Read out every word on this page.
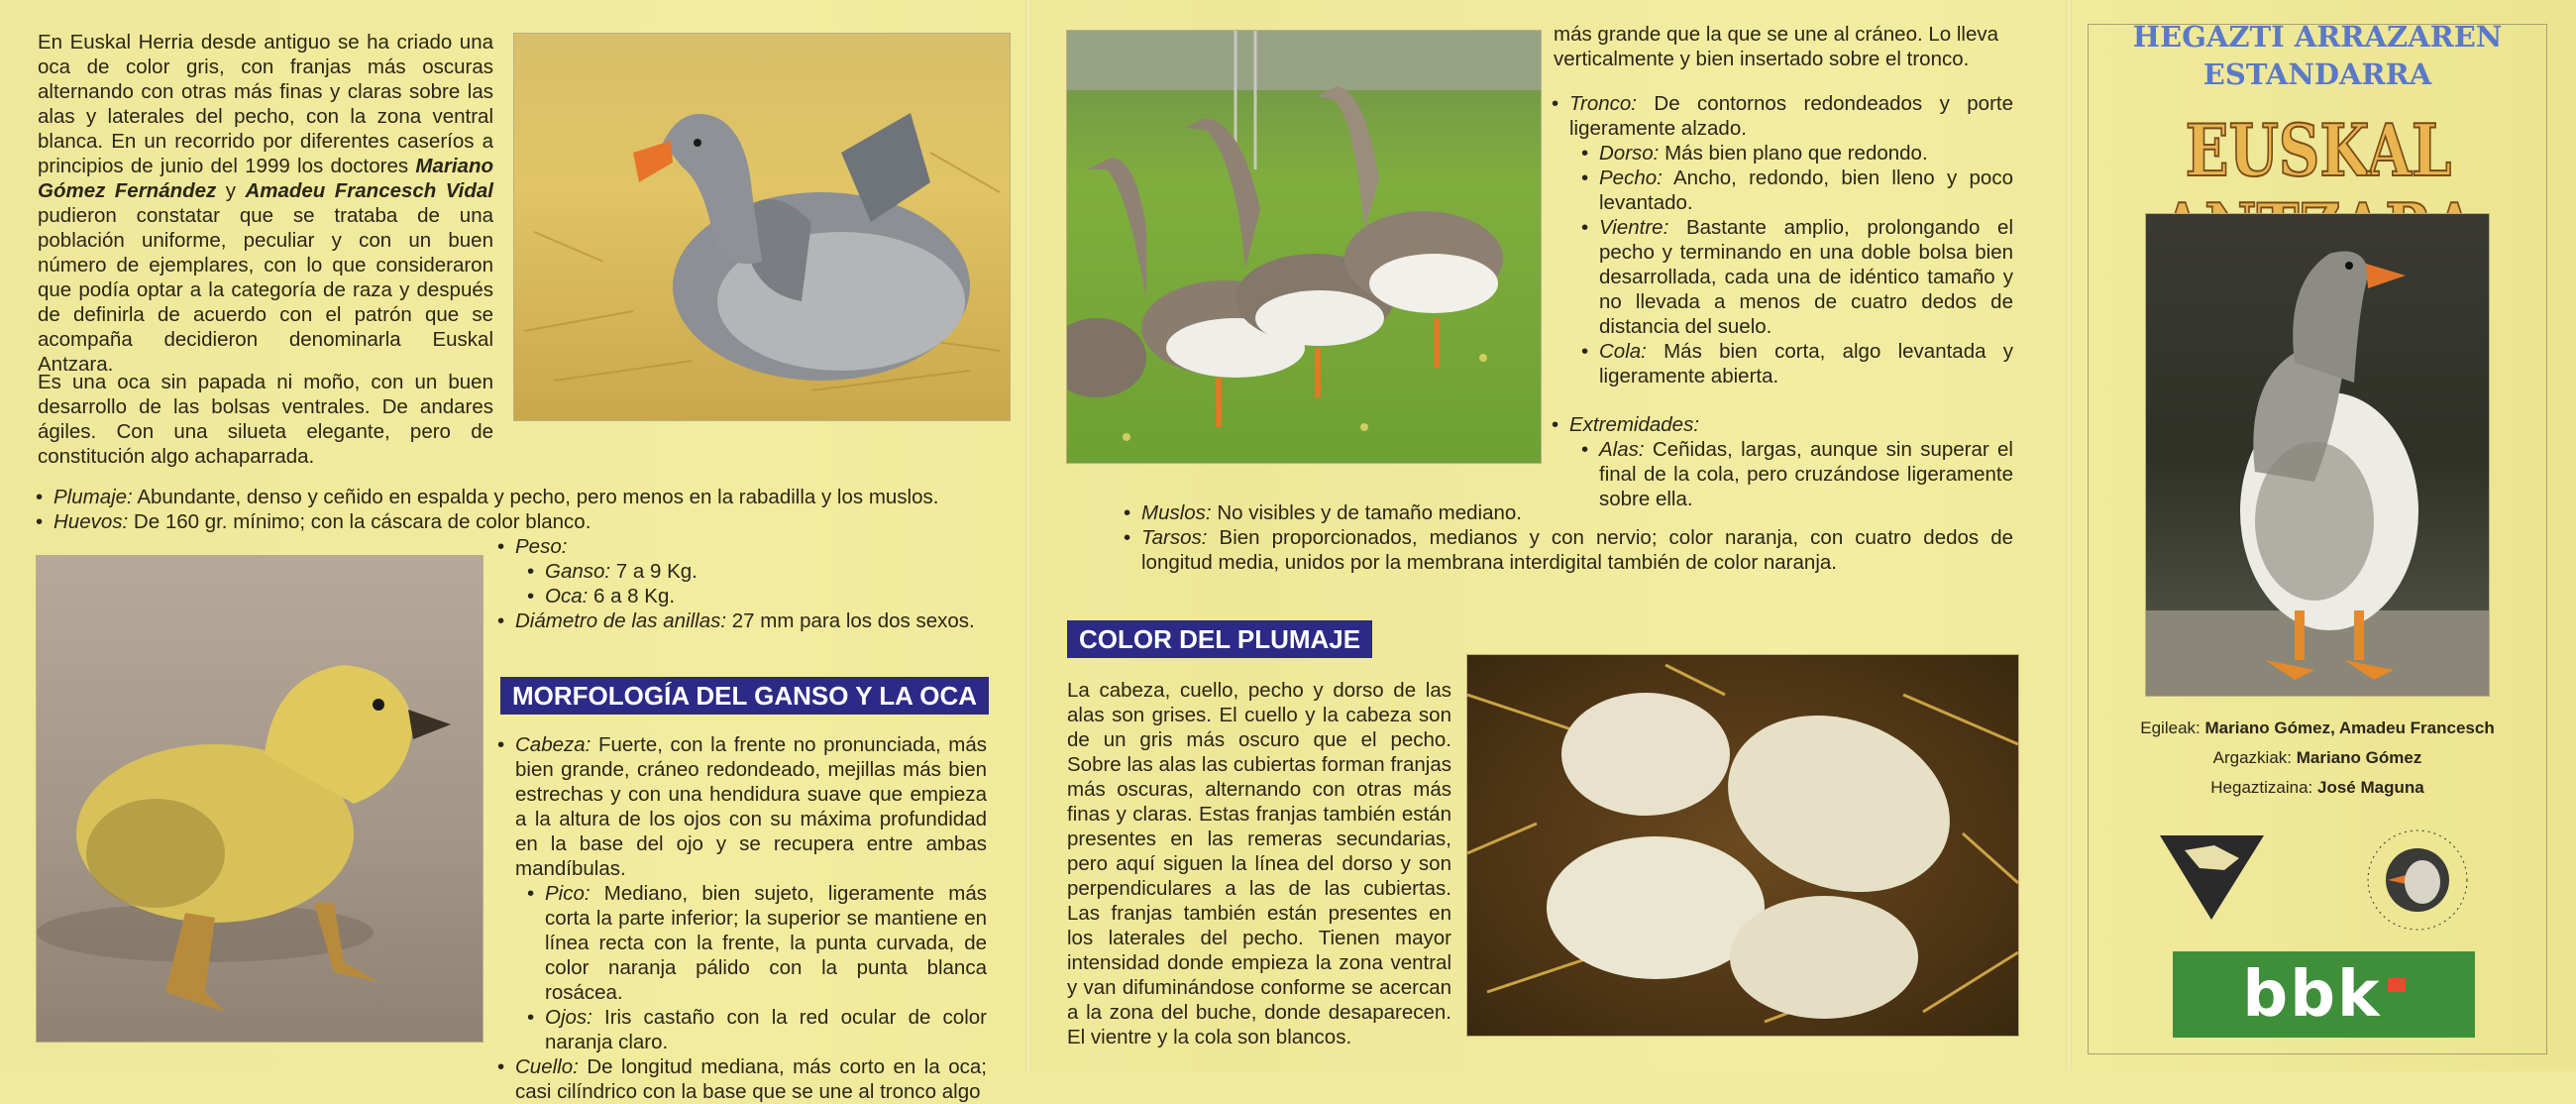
En Euskal Herria desde antiguo se ha criado una oca de color gris, con franjas más oscuras alternando con otras más finas y claras sobre las alas y laterales del pecho, con la zona ventral blanca. En un recorrido por diferentes caseríos a principios de junio del 1999 los doctores Mariano Gómez Fernández y Amadeu Francesch Vidal pudieron constatar que se trataba de una población uniforme, peculiar y con un buen número de ejemplares, con lo que consideraron que podía optar a la categoría de raza y después de definirla de acuerdo con el patrón que se acompaña decidieron denominarla Euskal Antzara.

Es una oca sin papada ni moño, con un buen desarrollo de las bolsas ventrales. De andares ágiles. Con una silueta elegante, pero de constitución algo achaparrada.

• Plumaje: Abundante, denso y ceñido en espalda y pecho, pero menos en la rabadilla y los muslos.
• Huevos: De 160 gr. mínimo; con la cáscara de color blanco.
• Peso:
• Ganso: 7 a 9 Kg.
• Oca: 6 a 8 Kg.
• Diámetro de las anillas: 27 mm para los dos sexos.
MORFOLOGÍA DEL GANSO Y LA OCA
• Cabeza: Fuerte, con la frente no pronunciada, más bien grande, cráneo redondeado, mejillas más bien estrechas y con una hendidura suave que empieza a la altura de los ojos con su máxima profundidad en la base del ojo y se recupera entre ambas mandíbulas.
• Pico: Mediano, bien sujeto, ligeramente más corta la parte inferior; la superior se mantiene en línea recta con la frente, la punta curvada, de color naranja pálido con la punta blanca rosácea.
• Ojos: Iris castaño con la red ocular de color naranja claro.
• Cuello: De longitud mediana, más corto en la oca; casi cilíndrico con la base que se une al tronco algo

más grande que la que se une al cráneo. Lo lleva verticalmente y bien insertado sobre el tronco.

• Tronco: De contornos redondeados y porte ligeramente alzado.
• Dorso: Más bien plano que redondo.
• Pecho: Ancho, redondo, bien lleno y poco levantado.
• Vientre: Bastante amplio, prolongando el pecho y terminando en una doble bolsa bien desarrollada, cada una de idéntico tamaño y no llevada a menos de cuatro dedos de distancia del suelo.
• Cola: Más bien corta, algo levantada y ligeramente abierta.
• Extremidades:
• Alas: Ceñidas, largas, aunque sin superar el final de la cola, pero cruzándose ligeramente sobre ella.
• Muslos: No visibles y de tamaño mediano.
• Tarsos: Bien proporcionados, medianos y con nervio; color naranja, con cuatro dedos de longitud media, unidos por la membrana interdigital también de color naranja.
COLOR DEL PLUMAJE

La cabeza, cuello, pecho y dorso de las alas son grises. El cuello y la cabeza son de un gris más oscuro que el pecho. Sobre las alas las cubiertas forman franjas más oscuras, alternando con otras más finas y claras. Estas franjas también están presentes en las remeras secundarias, pero aquí siguen la línea del dorso y son perpendiculares a las de las cubiertas. Las franjas también están presentes en los laterales del pecho. Tienen mayor intensidad donde empieza la zona ventral y van difuminándose conforme se acercan a la zona del buche, donde desaparecen. El vientre y la cola son blancos.

HEGAZTI ARRAZAREN
ESTANDARRA
EUSKAL
Egileak: Mariano Gómez, Amadeu Francesch
Argazkiak: Mariano Gómez
Hegaztizaina: José Maguna
bbk
